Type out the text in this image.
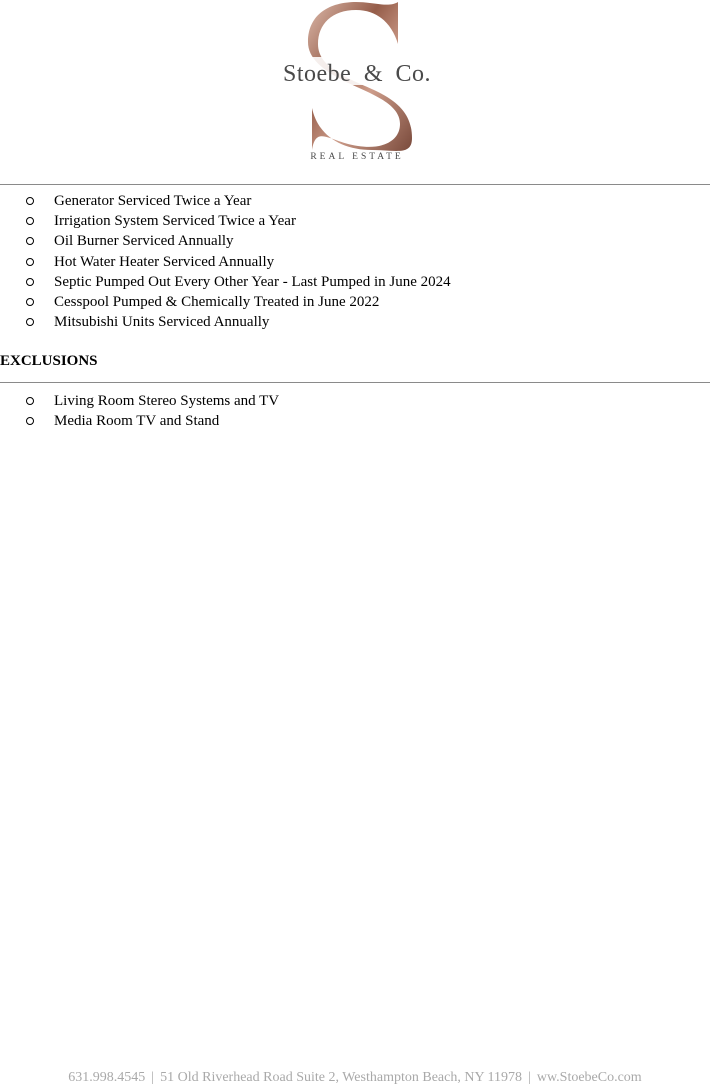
Stoebe & Co.
REAL ESTATE
Generator Serviced Twice a Year
Irrigation System Serviced Twice a Year
Oil Burner Serviced Annually
Hot Water Heater Serviced Annually
Septic Pumped Out Every Other Year - Last Pumped in June 2024
Cesspool Pumped & Chemically Treated in June 2022
Mitsubishi Units Serviced Annually
EXCLUSIONS
Living Room Stereo Systems and TV
Media Room TV and Stand
631.998.4545 | 51 Old Riverhead Road Suite 2, Westhampton Beach, NY 11978 | ww.StoebeCo.com
